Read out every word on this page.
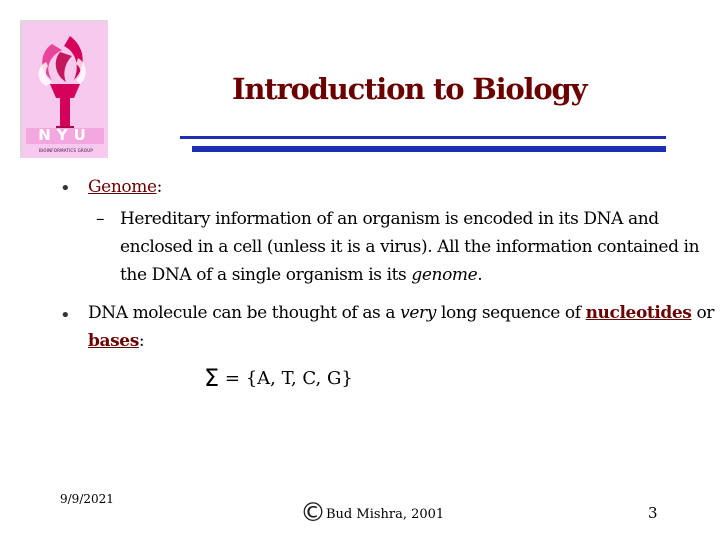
NYU
BIOINFORMATICS GROUP
Introduction to Biology
• Genome:
– Hereditary information of an organism is encoded in its DNA and
enclosed in a cell (unless it is a virus). All the information contained in
the DNA of a single organism is its genome.
• DNA molecule can be thought of as a very long sequence of nucleotides or
bases:
Σ = {A, T, C, G}
9/9/2021	©Bud Mishra, 2001	3
